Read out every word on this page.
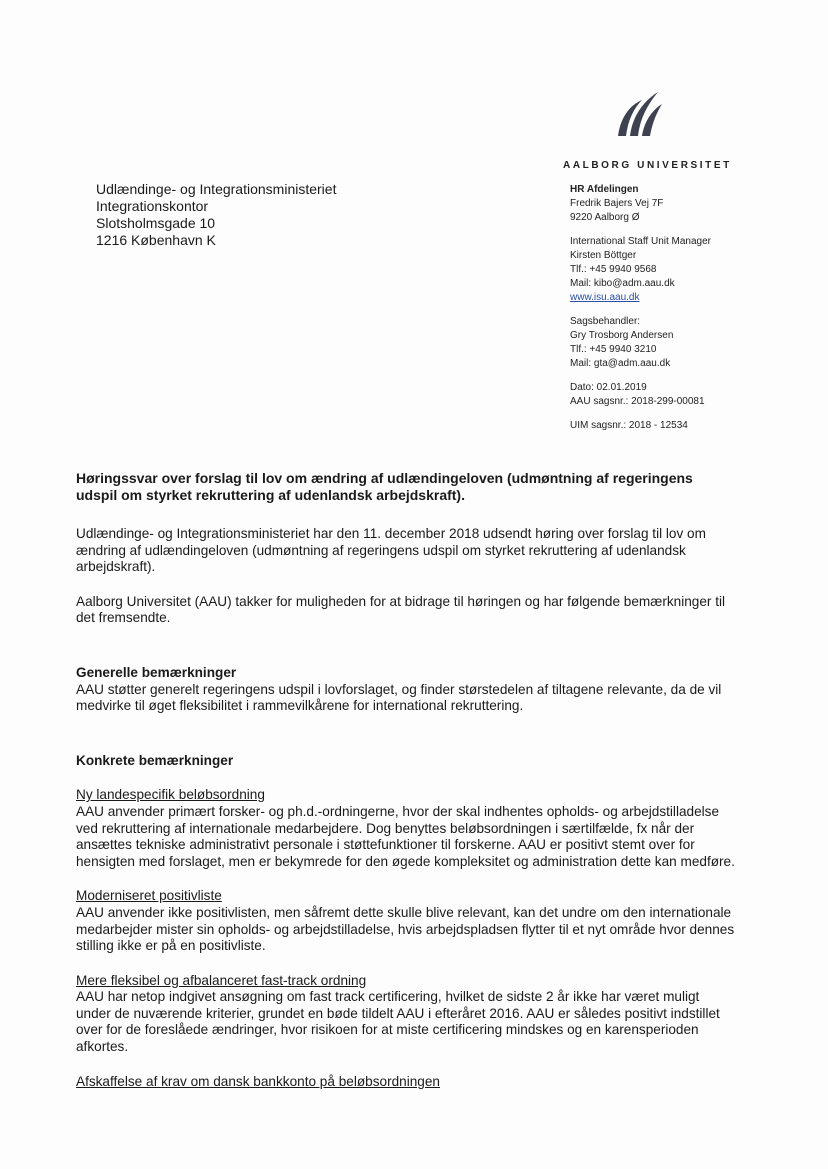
AALBORG UNIVERSITET
Udlændinge- og Integrationsministeriet
Integrationskontor
Slotsholmsgade 10
1216 København K
HR Afdelingen
Fredrik Bajers Vej 7F
9220 Aalborg Ø
International Staff Unit Manager
Kirsten Böttger
Tlf.: +45 9940 9568
Mail: kibo@adm.aau.dk
www.isu.aau.dk
Sagsbehandler:
Gry Trosborg Andersen
Tlf.: +45 9940 3210
Mail: gta@adm.aau.dk
Dato: 02.01.2019
AAU sagsnr.: 2018-299-00081
UIM sagsnr.: 2018 - 12534

Høringssvar over forslag til lov om ændring af udlændingeloven (udmøntning af regeringens udspil om styrket rekruttering af udenlandsk arbejdskraft).

Udlændinge- og Integrationsministeriet har den 11. december 2018 udsendt høring over forslag til lov om ændring af udlændingeloven (udmøntning af regeringens udspil om styrket rekruttering af udenlandsk arbejdskraft).

Aalborg Universitet (AAU) takker for muligheden for at bidrage til høringen og har følgende bemærkninger til det fremsendte.

Generelle bemærkninger

AAU støtter generelt regeringens udspil i lovforslaget, og finder størstedelen af tiltagene relevante, da de vil medvirke til øget fleksibilitet i rammevilkårene for international rekruttering.

Konkrete bemærkninger

Ny landespecifik beløbsordning

AAU anvender primært forsker- og ph.d.-ordningerne, hvor der skal indhentes opholds- og arbejdstilladelse ved rekruttering af internationale medarbejdere. Dog benyttes beløbsordningen i særtilfælde, fx når der ansættes tekniske administrativt personale i støttefunktioner til forskerne. AAU er positivt stemt over for hensigten med forslaget, men er bekymrede for den øgede kompleksitet og administration dette kan medføre.

Moderniseret positivliste

AAU anvender ikke positivlisten, men såfremt dette skulle blive relevant, kan det undre om den internationale medarbejder mister sin opholds- og arbejdstilladelse, hvis arbejdspladsen flytter til et nyt område hvor dennes stilling ikke er på en positivliste.

Mere fleksibel og afbalanceret fast-track ordning

AAU har netop indgivet ansøgning om fast track certificering, hvilket de sidste 2 år ikke har været muligt under de nuværende kriterier, grundet en bøde tildelt AAU i efteråret 2016. AAU er således positivt indstillet over for de foreslåede ændringer, hvor risikoen for at miste certificering mindskes og en karensperioden afkortes.

Afskaffelse af krav om dansk bankkonto på beløbsordningen
